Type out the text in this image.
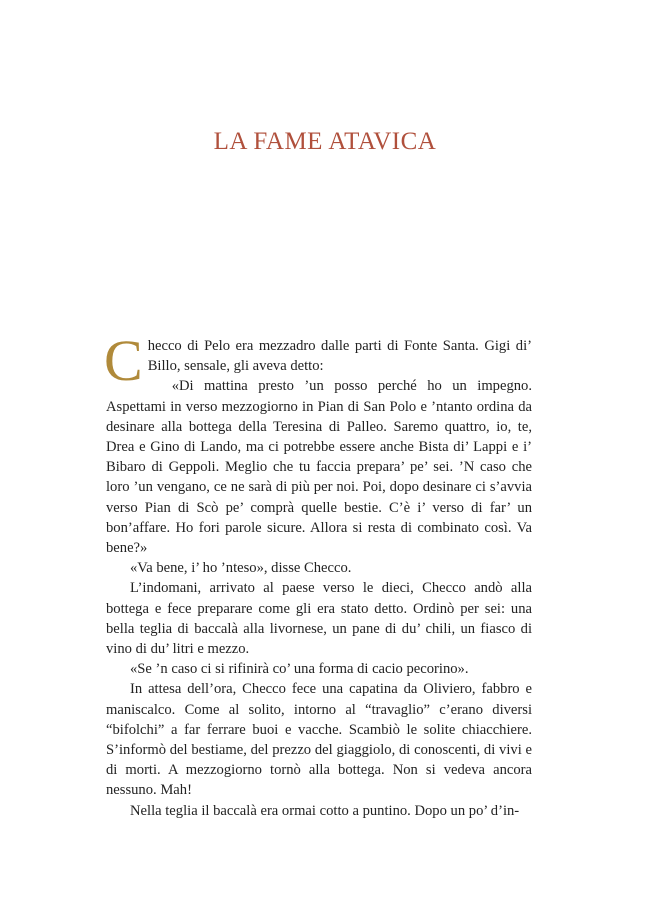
LA FAME ATAVICA

Checco di Pelo era mezzadro dalle parti di Fonte Santa. Gigi di’ Billo, sensale, gli aveva detto:

«Di mattina presto ’un posso perché ho un impegno. Aspettami in verso mezzogiorno in Pian di San Polo e ’ntanto ordina da desinare alla bottega della Teresina di Palleo. Saremo quattro, io, te, Drea e Gino di Lando, ma ci potrebbe essere anche Bista di’ Lappi e i’ Bibaro di Geppoli. Meglio che tu faccia prepara’ pe’ sei. ’N caso che loro ’un vengano, ce ne sarà di più per noi. Poi, dopo desinare ci s’avvia verso Pian di Scò pe’ comprà quelle bestie. C’è i’ verso di far’ un bon’affare. Ho fori parole sicure. Allora si resta di combinato così. Va bene?»

«Va bene, i’ ho ’nteso», disse Checco.

L’indomani, arrivato al paese verso le dieci, Checco andò alla bottega e fece preparare come gli era stato detto. Ordinò per sei: una bella teglia di baccalà alla livornese, un pane di du’ chili, un fiasco di vino di du’ litri e mezzo.

«Se ’n caso ci si rifinirà co’ una forma di cacio pecorino».

In attesa dell’ora, Checco fece una capatina da Oliviero, fabbro e maniscalco. Come al solito, intorno al “travaglio” c’erano diversi “bifolchi” a far ferrare buoi e vacche. Scambiò le solite chiacchiere. S’informò del bestiame, del prezzo del giaggiolo, di conoscenti, di vivi e di morti. A mezzogiorno tornò alla bottega. Non si vedeva ancora nessuno. Mah!

Nella teglia il baccalà era ormai cotto a puntino. Dopo un po’ d’in-
